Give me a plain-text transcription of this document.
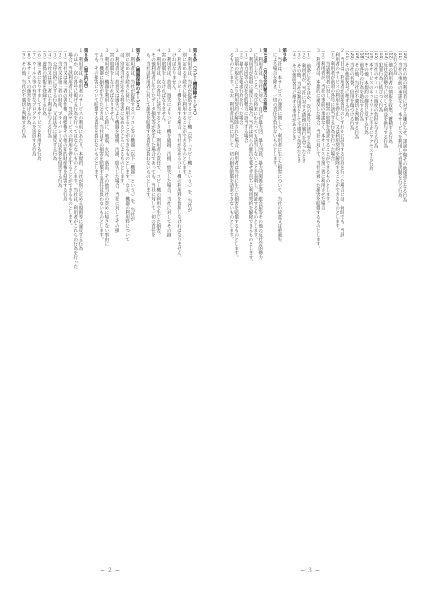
（10）当社の他の利用者に対する嫌がらせ、誹謗中傷その他迷惑となる行為
（11）当社の事前の承諾なく、本サービスを利用して営業活動を行う行為
　を行う行為
（12）他の利用者の情報を収集、蓄積する行為
（13）反社会的勢力に対して利益を供与する行為
（14）犯罪行為に結びつく行為
（15）当社のサーバーに過度の負担を与える行為
（16）本サービスのネットワークに不正にアクセスする行為
（17）その他、本規約の趣旨に反する行為
（18）前各号の行為を助長する行為
（19）その他、当社が不適切と判断する行為
（20）当社の名誉、信用を傷つける行為
（21）その他前各号に準ずる行為
２　当社は、利用者が前項各号のいずれかに該当する行為を行った場合には、何時でも、当該
　利用者のサービスの利用を停止し、又は利用契約を解除することができるものとします。
（１）利用者が前項の各号に該当する行為を行った場合
　　　当該利用者に対し、損害の賠償を請求することができるものとします。
（２）利用者が、当社の事前の承諾なく、本サービスを第三者に利用させた場合
３　利用者は、本規約に違反した場合、当社に対して、当社が被った損害を賠償するものとします。
（１）　前条に定めるほか、次の各号に該当する場合
（２）　利用者が、当社に対する債務の履行を怠ったとき
（３）　その他、当社が利用者として不適当と認めたとき
（４）　その他前各号に準ずる事由があるとき
第９条
１　当社は、本サービスの運営に関して、利用者に生じた損害について、当社の故意又は重過失
　による場合を除き、一切の責任を負わないものとします。
第10条　（反社会的勢力の排除）
１　利用者は、当社に対し、自己が暴力団、暴力団員、暴力団関係企業、総会屋等その他の反社会的勢力
　に該当しないこと、及び将来にわたっても該当しないことを表明し、保証するものとします。
２　利用者が前項に違反した場合、当社は何らの催告を要せず直ちに利用契約を解除できるものとします。
（１）暴力団等の反社会的勢力に該当する場合
（２）暴力的な要求行為を行った場合
３　前項の規定により利用契約が解除された場合、利用者は当社に生じた損害を賠償するものとします。
　るものとします。なお、利用者は当社に対して一切の損害賠償を請求できないものとします。
第６条　（コピー機保障サービス）
１　利用者は、当社が提供するコピー機（以下「コピー機」という。）を、当社が
　別に定める手続きに従い利用することができるものとします。
２　利用者は、コピー機を利用する場合、当社が定めるコピー機の利用料を負担しなければなりません。
　ければなりません。
３　利用者は、故意、過失によりコピー機を破損、汚損、紛失した場合、当社に対してその損
　害の賠償をしなければなりません。
４　利用者は、次の各号に該当するときは、利用者の責任で、コピー機の利用で生じた損害、
　その他利用者に生じたデータ損失等が発生した場合であっても、当社に対して一切の責任を
　も、当社は利用者に対して損害を賠償する責任は負わないものとします。
第７条　（機器保障のサービス）
１　利用者は、当社が提供するパソコン等の機器（以下「機器」という。）を、当社が
　別に定める手続きに従い、利用することができるものとします。なお、機器の利用料について
　は、別途当社が定める料金表に定めるところによるものとします。
２　利用者は、故意又は過失により機器を破損、汚損、紛失した場合、当社に対してその損
　害の賠償をしなければなりません。
３　利用者が、機器を利用している時に、地震、火災、落雷、その他当社の責めに帰さない事由に
　より、機器に損害が生じたときは、当社はその損害を賠償する責任は負わないものとします。
　でも、その損害について賠償する責任を負わないものとします。
第８条　（禁止行為）
１　利用者は、利用者のサービスの利用にあたり、本規約、当社が別に定める規則等に違反する行為
　のほか、次の各号に掲げる行為を行ってはならないものとします。当社は、利用者がこれらの行為を行った
　場合、当該利用者に対し、当該サービスの利用を停止することができるものとします。
（１）当社又は第三者の著作権、商標権その他の知的財産権を侵害する行為
（２）当社又は第三者の財産、プライバシー又は名誉を侵害する行為
（３）公序良俗に反する行為、又は法令に違反する行為
（４）当社又は第三者に不利益を与える行為
（５）虚偽の情報を登録する行為
（６）第三者になりすまして本サービスを利用する行為
（７）ウイルス等の有害なプログラムを送信する行為
（８）本サービスの運営を妨げる行為
（９）その他、当社が不適切と判断する行為
− ２ −	− ３ −
